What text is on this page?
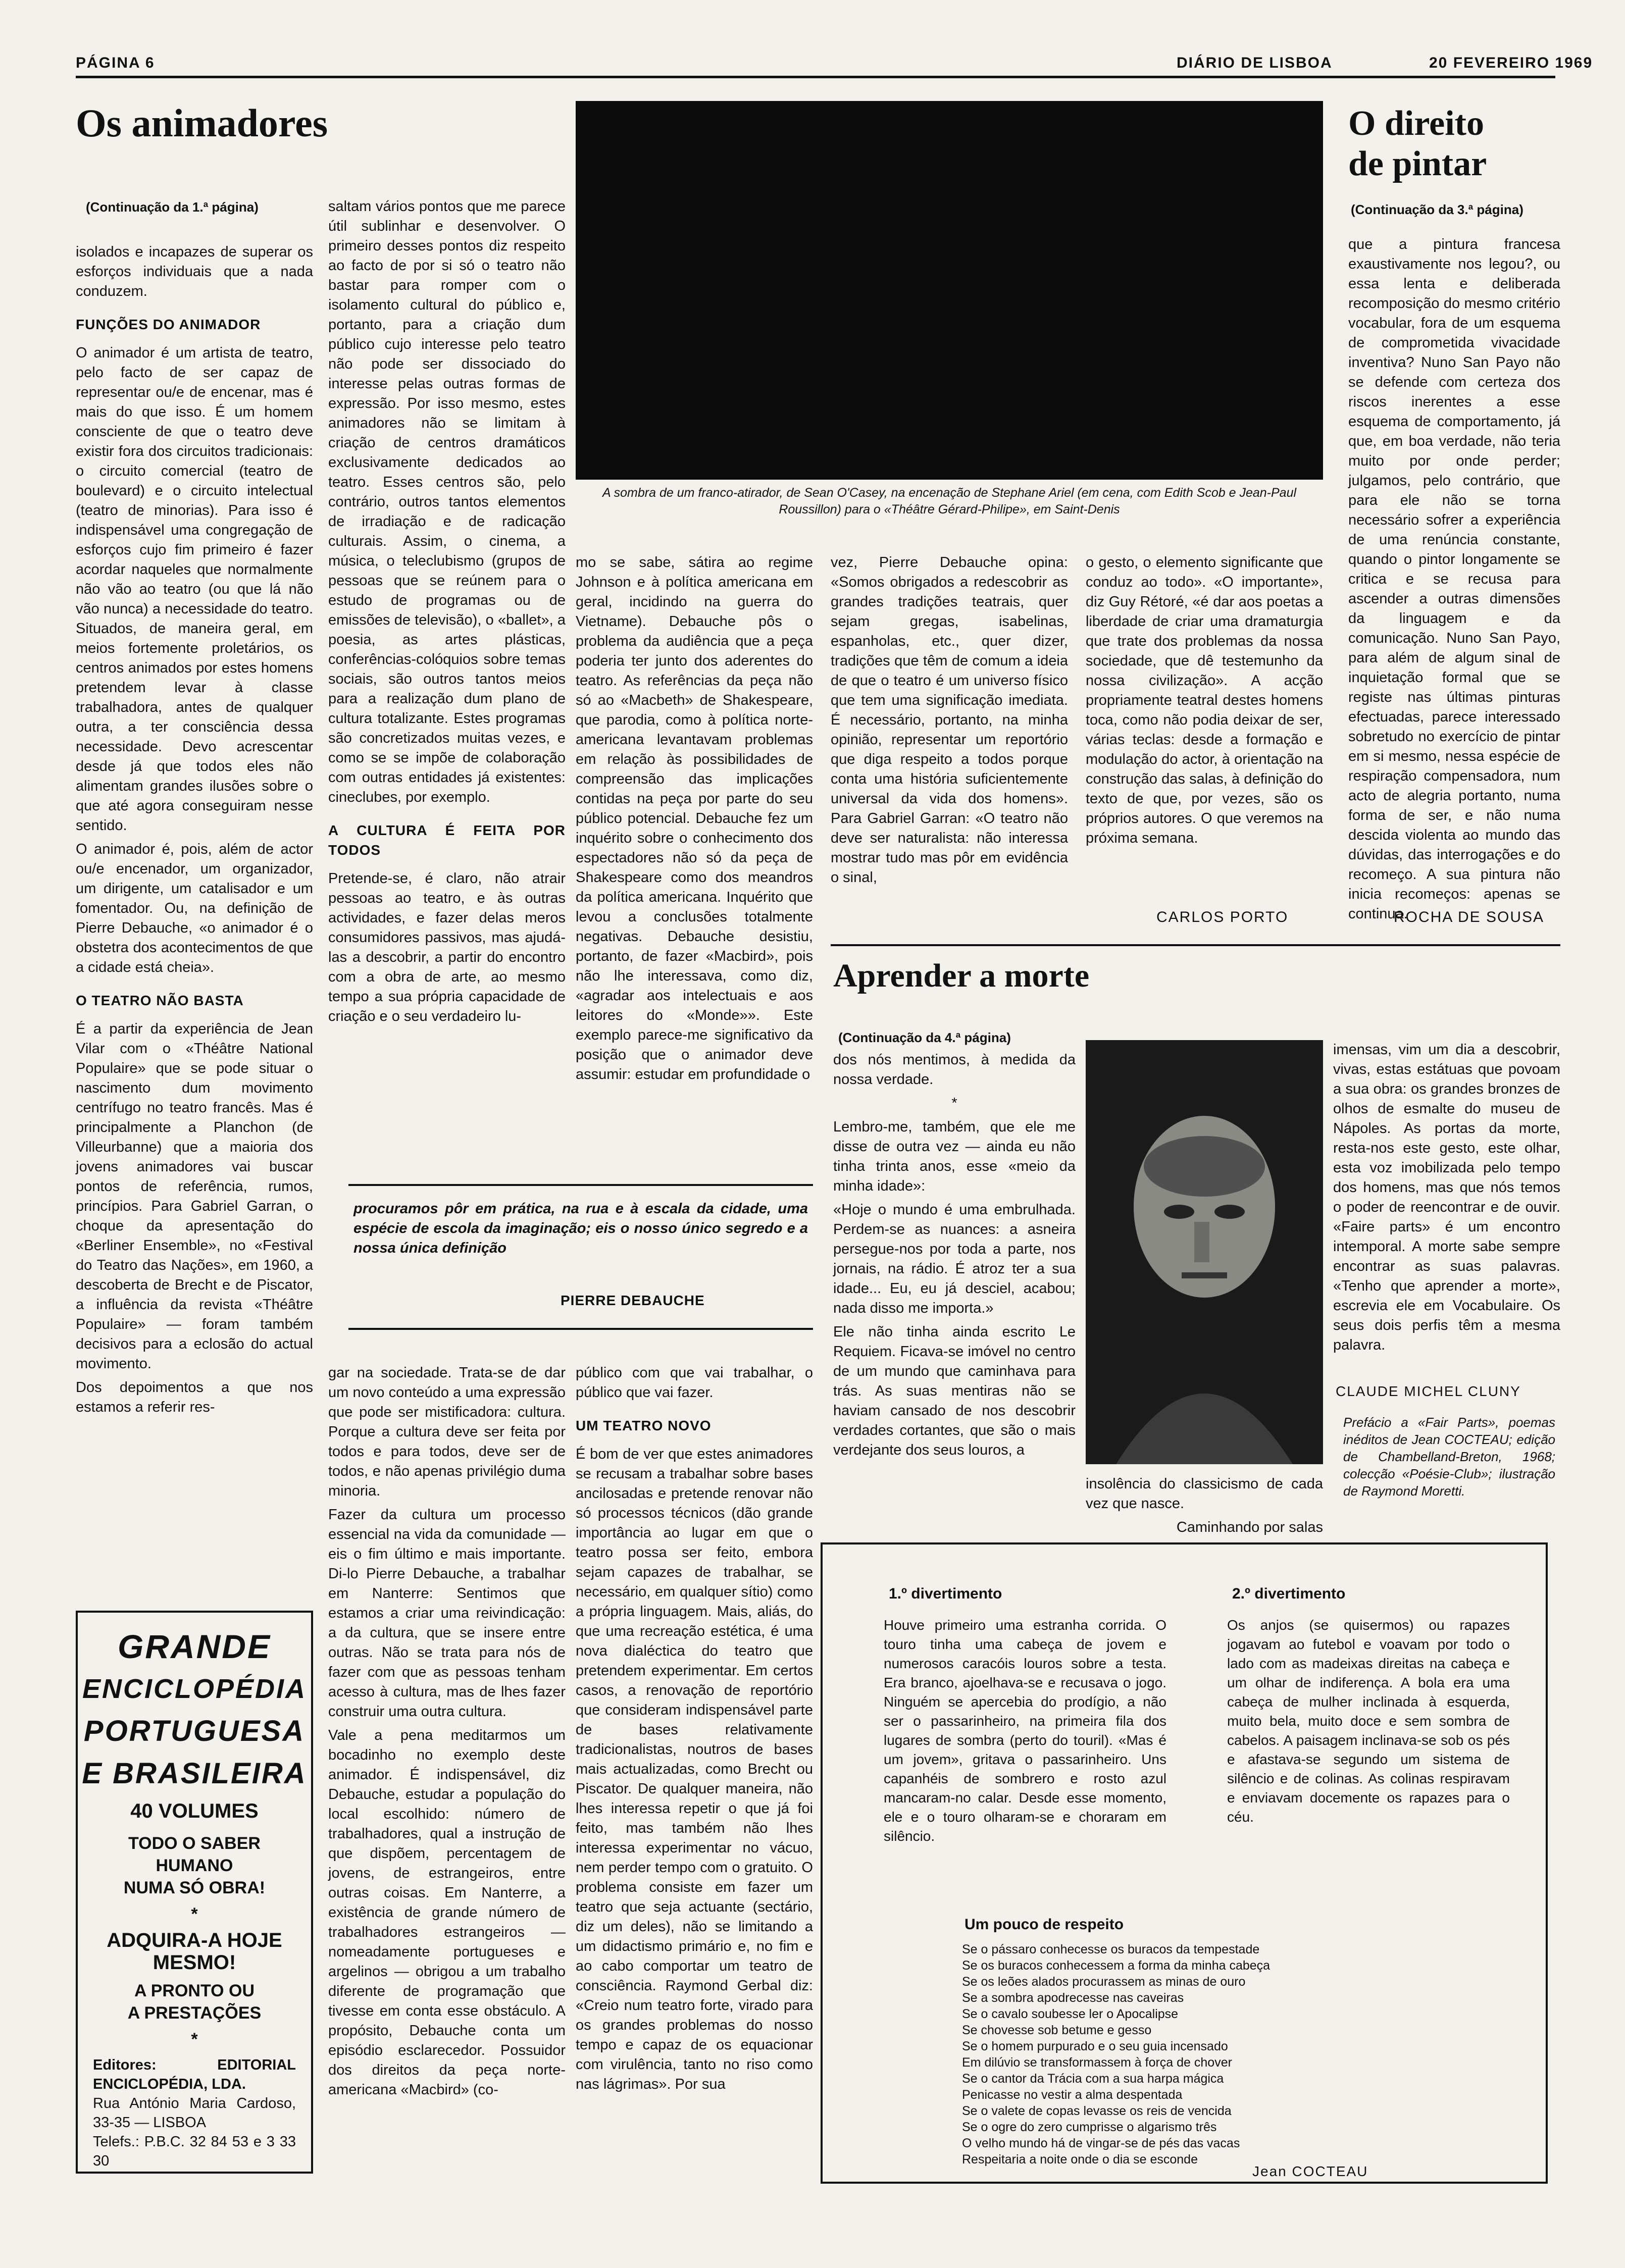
PÁGINA 6	DIÁRIO DE LISBOA	20 FEVEREIRO 1969
Os animadores
(Continuação da 1.ª página)

isolados e incapazes de superar os esforços individuais que a nada conduzem.

FUNÇÕES DO ANIMADOR

O animador é um artista de teatro, pelo facto de ser capaz de representar ou/e de encenar, mas é mais do que isso. É um homem consciente de que o teatro deve existir fora dos circuitos tradicionais: o circuito comercial (teatro de boulevard) e o circuito intelectual (teatro de minorias). Para isso é indispensável uma congregação de esforços cujo fim primeiro é fazer acordar naqueles que normalmente não vão ao teatro (ou que lá não vão nunca) a necessidade do teatro. Situados, de maneira geral, em meios fortemente proletários, os centros animados por estes homens pretendem levar à classe trabalhadora, antes de qualquer outra, a ter consciência dessa necessidade. Devo acrescentar desde já que todos eles não alimentam grandes ilusões sobre o que até agora conseguiram nesse sentido.

O animador é, pois, além de actor ou/e encenador, um organizador, um dirigente, um catalisador e um fomentador. Ou, na definição de Pierre Debauche, «o animador é o obstetra dos acontecimentos de que a cidade está cheia».

O TEATRO NÃO BASTA

É a partir da experiência de Jean Vilar com o «Théâtre National Populaire» que se pode situar o nascimento dum movimento centrífugo no teatro francês. Mas é principalmente a Planchon (de Villeurbanne) que a maioria dos jovens animadores vai buscar pontos de referência, rumos, princípios. Para Gabriel Garran, o choque da apresentação do «Berliner Ensemble», no «Festival do Teatro das Nações», em 1960, a descoberta de Brecht e de Piscator, a influência da revista «Théâtre Populaire» — foram também decisivos para a eclosão do actual movimento.

Dos depoimentos a que nos estamos a referir res-

saltam vários pontos que me parece útil sublinhar e desenvolver. O primeiro desses pontos diz respeito ao facto de por si só o teatro não bastar para romper com o isolamento cultural do público e, portanto, para a criação dum público cujo interesse pelo teatro não pode ser dissociado do interesse pelas outras formas de expressão. Por isso mesmo, estes animadores não se limitam à criação de centros dramáticos exclusivamente dedicados ao teatro. Esses centros são, pelo contrário, outros tantos elementos de irradiação e de radicação culturais. Assim, o cinema, a música, o teleclubismo (grupos de pessoas que se reúnem para o estudo de programas ou de emissões de televisão), o «ballet», a poesia, as artes plásticas, conferências-colóquios sobre temas sociais, são outros tantos meios para a realização dum plano de cultura totalizante. Estes programas são concretizados muitas vezes, e como se se impõe de colaboração com outras entidades já existentes: cineclubes, por exemplo.

A CULTURA É FEITA POR TODOS

Pretende-se, é claro, não atrair pessoas ao teatro, e às outras actividades, e fazer delas meros consumidores passivos, mas ajudá-las a descobrir, a partir do encontro com a obra de arte, ao mesmo tempo a sua própria capacidade de criação e o seu verdadeiro lu-

A sombra de um franco-atirador, de Sean O'Casey, na encenação de Stephane Ariel (em cena, com Edith Scob e Jean-Paul Roussillon) para o «Théâtre Gérard-Philipe», em Saint-Denis

mo se sabe, sátira ao regime Johnson e à política americana em geral, incidindo na guerra do Vietname). Debauche pôs o problema da audiência que a peça poderia ter junto dos aderentes do teatro. As referências da peça não só ao «Macbeth» de Shakespeare, que parodia, como à política norte-americana levantavam problemas em relação às possibilidades de compreensão das implicações contidas na peça por parte do seu público potencial. Debauche fez um inquérito sobre o conhecimento dos espectadores não só da peça de Shakespeare como dos meandros da política americana. Inquérito que levou a conclusões totalmente negativas. Debauche desistiu, portanto, de fazer «Macbird», pois não lhe interessava, como diz, «agradar aos intelectuais e aos leitores do «Monde»». Este exemplo parece-me significativo da posição que o animador deve assumir: estudar em profundidade o

vez, Pierre Debauche opina: «Somos obrigados a redescobrir as grandes tradições teatrais, quer sejam gregas, isabelinas, espanholas, etc., quer dizer, tradições que têm de comum a ideia de que o teatro é um universo físico que tem uma significação imediata. É necessário, portanto, na minha opinião, representar um reportório que diga respeito a todos porque conta uma história suficientemente universal da vida dos homens». Para Gabriel Garran: «O teatro não deve ser naturalista: não interessa mostrar tudo mas pôr em evidência o sinal,

o gesto, o elemento significante que conduz ao todo». «O importante», diz Guy Rétoré, «é dar aos poetas a liberdade de criar uma dramaturgia que trate dos problemas da nossa sociedade, que dê testemunho da nossa civilização». A acção propriamente teatral destes homens toca, como não podia deixar de ser, várias teclas: desde a formação e modulação do actor, à orientação na construção das salas, à definição do texto de que, por vezes, são os próprios autores. O que veremos na próxima semana.

CARLOS PORTO
procuramos pôr em prática, na rua e à escala da cidade, uma espécie de escola da imaginação; eis o nosso único segredo e a nossa única definição
PIERRE DEBAUCHE

gar na sociedade. Trata-se de dar um novo conteúdo a uma expressão que pode ser mistificadora: cultura. Porque a cultura deve ser feita por todos e para todos, deve ser de todos, e não apenas privilégio duma minoria.

Fazer da cultura um processo essencial na vida da comunidade — eis o fim último e mais importante. Di-lo Pierre Debauche, a trabalhar em Nanterre: Sentimos que estamos a criar uma reivindicação: a da cultura, que se insere entre outras. Não se trata para nós de fazer com que as pessoas tenham acesso à cultura, mas de lhes fazer construir uma outra cultura.

Vale a pena meditarmos um bocadinho no exemplo deste animador. É indispensável, diz Debauche, estudar a população do local escolhido: número de trabalhadores, qual a instrução de que dispõem, percentagem de jovens, de estrangeiros, entre outras coisas. Em Nanterre, a existência de grande número de trabalhadores estrangeiros — nomeadamente portugueses e argelinos — obrigou a um trabalho diferente de programação que tivesse em conta esse obstáculo. A propósito, Debauche conta um episódio esclarecedor. Possuidor dos direitos da peça norte-americana «Macbird» (co-

público com que vai trabalhar, o público que vai fazer.

UM TEATRO NOVO

É bom de ver que estes animadores se recusam a trabalhar sobre bases ancilosadas e pretende renovar não só processos técnicos (dão grande importância ao lugar em que o teatro possa ser feito, embora sejam capazes de trabalhar, se necessário, em qualquer sítio) como a própria linguagem. Mais, aliás, do que uma recreação estética, é uma nova dialéctica do teatro que pretendem experimentar. Em certos casos, a renovação de reportório que consideram indispensável parte de bases relativamente tradicionalistas, noutros de bases mais actualizadas, como Brecht ou Piscator. De qualquer maneira, não lhes interessa repetir o que já foi feito, mas também não lhes interessa experimentar no vácuo, nem perder tempo com o gratuito. O problema consiste em fazer um teatro que seja actuante (sectário, diz um deles), não se limitando a um didactismo primário e, no fim e ao cabo comportar um teatro de consciência. Raymond Gerbal diz: «Creio num teatro forte, virado para os grandes problemas do nosso tempo e capaz de os equacionar com virulência, tanto no riso como nas lágrimas». Por sua

O direito
de pintar
(Continuação da 3.ª página)
que a pintura francesa exaustivamente nos legou?, ou essa lenta e deliberada recomposição do mesmo critério vocabular, fora de um esquema de comprometida vivacidade inventiva? Nuno San Payo não se defende com certeza dos riscos inerentes a esse esquema de comportamento, já que, em boa verdade, não teria muito por onde perder; julgamos, pelo contrário, que para ele não se torna necessário sofrer a experiência de uma renúncia constante, quando o pintor longamente se critica e se recusa para ascender a outras dimensões da linguagem e da comunicação. Nuno San Payo, para além de algum sinal de inquietação formal que se registe nas últimas pinturas efectuadas, parece interessado sobretudo no exercício de pintar em si mesmo, nessa espécie de respiração compensadora, num acto de alegria portanto, numa forma de ser, e não numa descida violenta ao mundo das dúvidas, das interrogações e do recomeço. A sua pintura não inicia recomeços: apenas se continua.
ROCHA DE SOUSA
Aprender a morte
(Continuação da 4.ª página)

dos nós mentimos, à medida da nossa verdade.

*

Lembro-me, também, que ele me disse de outra vez — ainda eu não tinha trinta anos, esse «meio da minha idade»:

«Hoje o mundo é uma embrulhada. Perdem-se as nuances: a asneira persegue-nos por toda a parte, nos jornais, na rádio. É atroz ter a sua idade... Eu, eu já desciel, acabou; nada disso me importa.»

Ele não tinha ainda escrito Le Requiem. Ficava-se imóvel no centro de um mundo que caminhava para trás. As suas mentiras não se haviam cansado de nos descobrir verdades cortantes, que são o mais verdejante dos seus louros, a

insolência do classicismo de cada vez que nasce.

Caminhando por salas

imensas, vim um dia a descobrir, vivas, estas estátuas que povoam a sua obra: os grandes bronzes de olhos de esmalte do museu de Nápoles. As portas da morte, resta-nos este gesto, este olhar, esta voz imobilizada pelo tempo dos homens, mas que nós temos o poder de reencontrar e de ouvir. «Faire parts» é um encontro intemporal. A morte sabe sempre encontrar as suas palavras. «Tenho que aprender a morte», escrevia ele em Vocabulaire. Os seus dois perfis têm a mesma palavra.

CLAUDE MICHEL CLUNY
Prefácio a «Fair Parts», poemas inéditos de Jean COCTEAU; edição de Chambelland-Breton, 1968; colecção «Poésie-Club»; ilustração de Raymond Moretti.
1.º divertimento
Houve primeiro uma estranha corrida. O touro tinha uma cabeça de jovem e numerosos caracóis louros sobre a testa. Era branco, ajoelhava-se e recusava o jogo. Ninguém se apercebia do prodígio, a não ser o passarinheiro, na primeira fila dos lugares de sombra (perto do touril). «Mas é um jovem», gritava o passarinheiro. Uns capanhéis de sombrero e rosto azul mancaram-no calar. Desde esse momento, ele e o touro olharam-se e choraram em silêncio.
2.º divertimento
Os anjos (se quisermos) ou rapazes jogavam ao futebol e voavam por todo o lado com as madeixas direitas na cabeça e um olhar de indiferença. A bola era uma cabeça de mulher inclinada à esquerda, muito bela, muito doce e sem sombra de cabelos. A paisagem inclinava-se sob os pés e afastava-se segundo um sistema de silêncio e de colinas. As colinas respiravam e enviavam docemente os rapazes para o céu.
Um pouco de respeito
Se o pássaro conhecesse os buracos da tempestade
Se os buracos conhecessem a forma da minha cabeça
Se os leões alados procurassem as minas de ouro
Se a sombra apodrecesse nas caveiras
Se o cavalo soubesse ler o Apocalipse
Se chovesse sob betume e gesso
Se o homem purpurado e o seu guia incensado
Em dilúvio se transformassem à força de chover
Se o cantor da Trácia com a sua harpa mágica
Penicasse no vestir a alma despentada
Se o valete de copas levasse os reis de vencida
Se o ogre do zero cumprisse o algarismo três
O velho mundo há de vingar-se de pés das vacas
Respeitaria a noite onde o dia se esconde
Jean COCTEAU
GRANDE
ENCICLOPÉDIA
PORTUGUESA
E BRASILEIRA
40 VOLUMES
TODO O SABER
HUMANO
NUMA SÓ OBRA!
*
ADQUIRA-A HOJE
MESMO!
A PRONTO OU
A PRESTAÇÕES
*
Editores: EDITORIAL ENCICLOPÉDIA, LDA.
Rua António Maria Cardoso, 33-35 — LISBOA
Telefs.: P.B.C. 32 84 53 e 3 33 30
